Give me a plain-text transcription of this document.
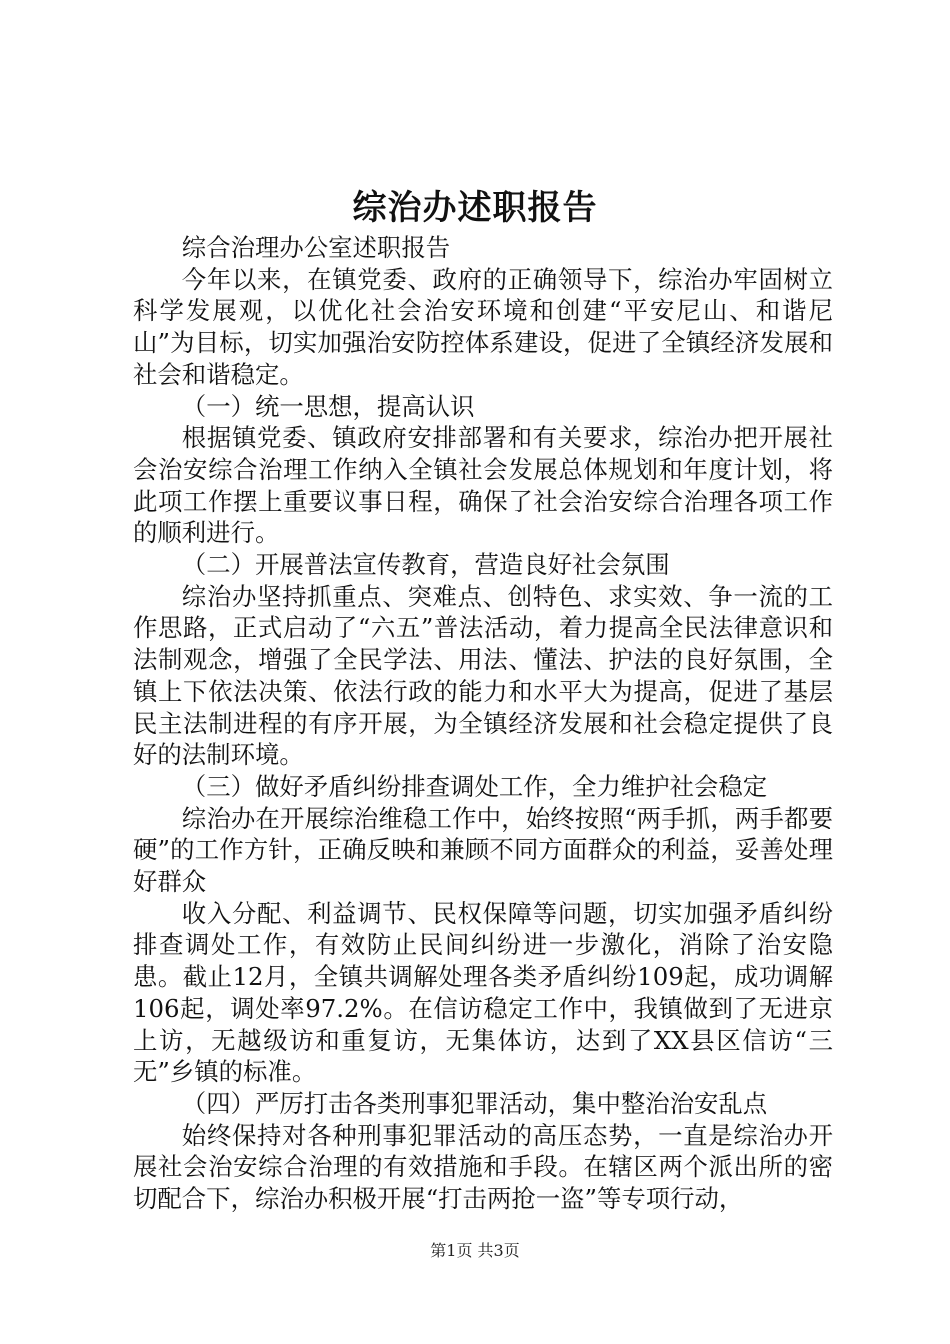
综治办述职报告

综合治理办公室述职报告

今年以来，在镇党委、政府的正确领导下，综治办牢固树立科学发展观，以优化社会治安环境和创建“平安尼山、和谐尼山”为目标，切实加强治安防控体系建设，促进了全镇经济发展和社会和谐稳定。

（一）统一思想，提高认识

根据镇党委、镇政府安排部署和有关要求，综治办把开展社会治安综合治理工作纳入全镇社会发展总体规划和年度计划，将此项工作摆上重要议事日程，确保了社会治安综合治理各项工作的顺利进行。

（二）开展普法宣传教育，营造良好社会氛围

综治办坚持抓重点、突难点、创特色、求实效、争一流的工作思路，正式启动了“六五”普法活动，着力提高全民法律意识和法制观念，增强了全民学法、用法、懂法、护法的良好氛围，全镇上下依法决策、依法行政的能力和水平大为提高，促进了基层民主法制进程的有序开展，为全镇经济发展和社会稳定提供了良好的法制环境。

（三）做好矛盾纠纷排查调处工作，全力维护社会稳定

综治办在开展综治维稳工作中，始终按照“两手抓，两手都要硬”的工作方针，正确反映和兼顾不同方面群众的利益，妥善处理好群众

收入分配、利益调节、民权保障等问题，切实加强矛盾纠纷排查调处工作，有效防止民间纠纷进一步激化，消除了治安隐患。截止12月，全镇共调解处理各类矛盾纠纷109起，成功调解106起，调处率97.2%。在信访稳定工作中，我镇做到了无进京上访，无越级访和重复访，无集体访，达到了XX县区信访“三无”乡镇的标准。

（四）严厉打击各类刑事犯罪活动，集中整治治安乱点

始终保持对各种刑事犯罪活动的高压态势，一直是综治办开展社会治安综合治理的有效措施和手段。在辖区两个派出所的密切配合下，综治办积极开展“打击两抢一盗”等专项行动，

第1页 共3页
